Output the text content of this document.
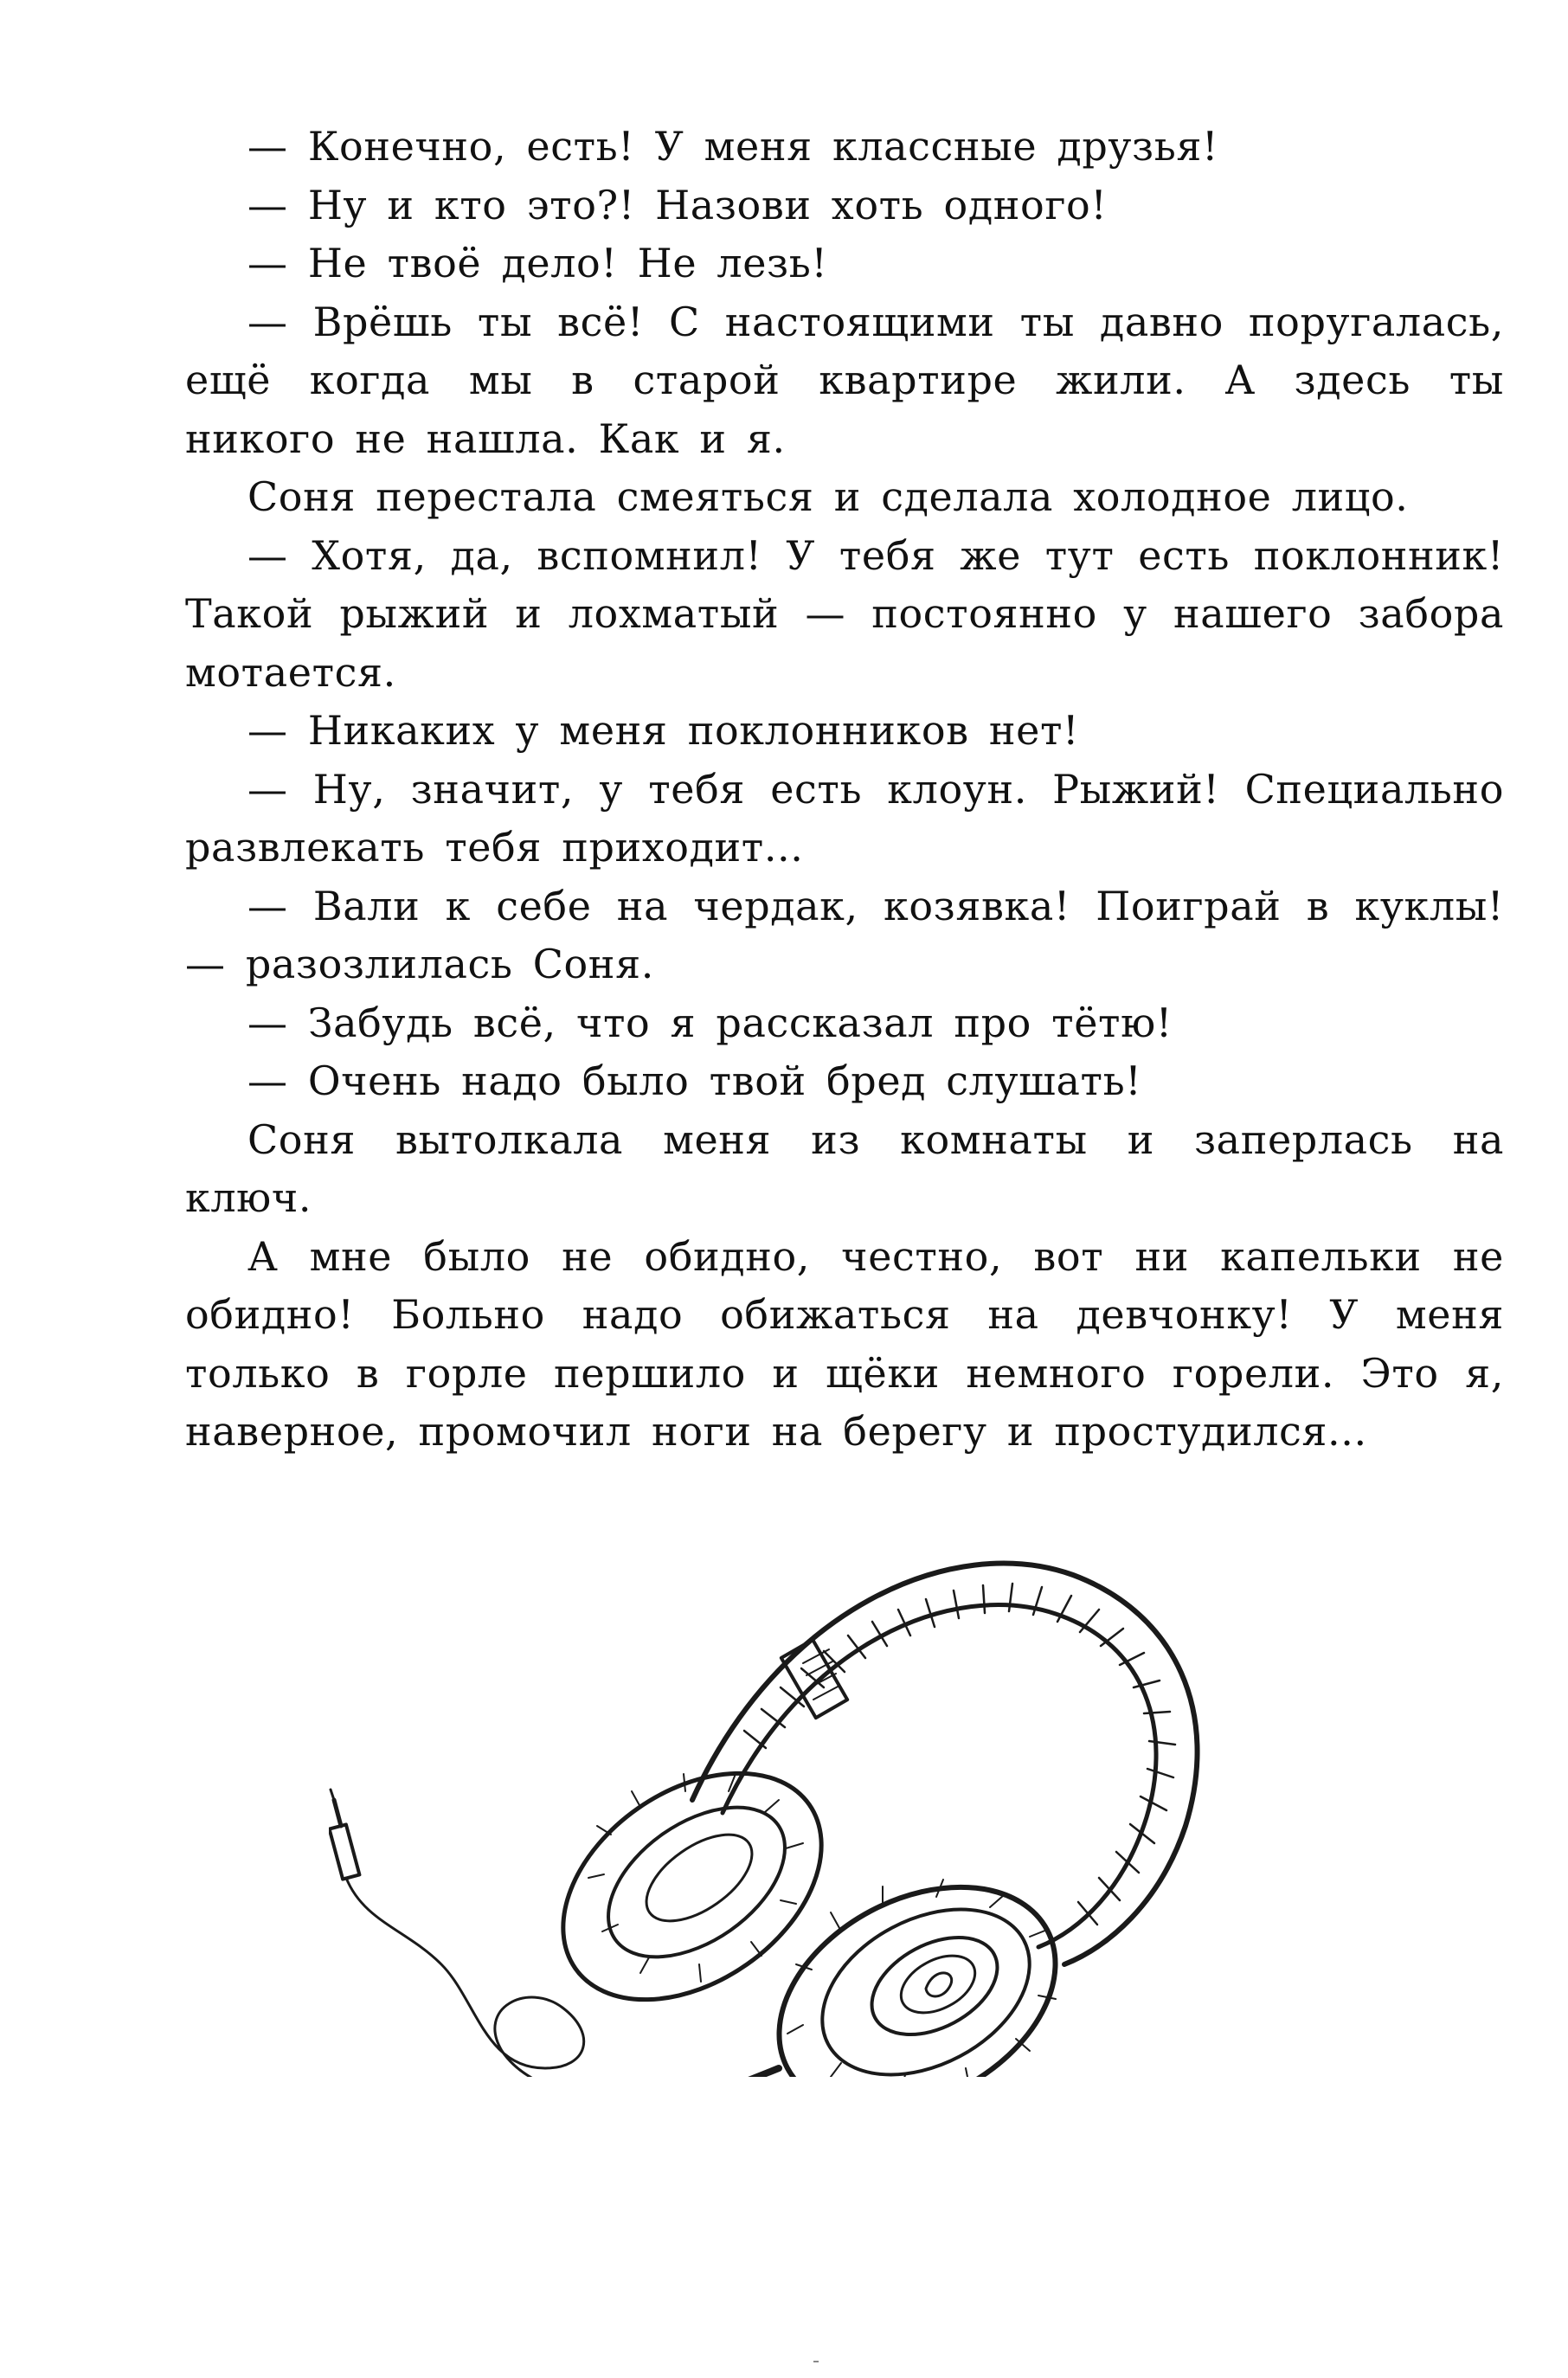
— Конечно, есть! У меня классные друзья!

— Ну и кто это?! Назови хоть одного!

— Не твоё дело! Не лезь!

— Врёшь ты всё! С настоящими ты давно поругалась, ещё когда мы в старой квартире жили. А здесь ты никого не нашла. Как и я.

Соня перестала смеяться и сделала холодное лицо.

— Хотя, да, вспомнил! У тебя же тут есть поклонник! Такой рыжий и лохматый — постоянно у нашего забора мотается.

— Никаких у меня поклонников нет!

— Ну, значит, у тебя есть клоун. Рыжий! Специально развлекать тебя приходит...

— Вали к себе на чердак, козявка! Поиграй в куклы! — разозлилась Соня.

— Забудь всё, что я рассказал про тётю!

— Очень надо было твой бред слушать!

Соня вытолкала меня из комнаты и заперлась на ключ.

А мне было не обидно, честно, вот ни капельки не обидно! Больно надо обижаться на девчонку! У меня только в горле першило и щёки немного горели. Это я, наверное, промочил ноги на берегу и простудился...
